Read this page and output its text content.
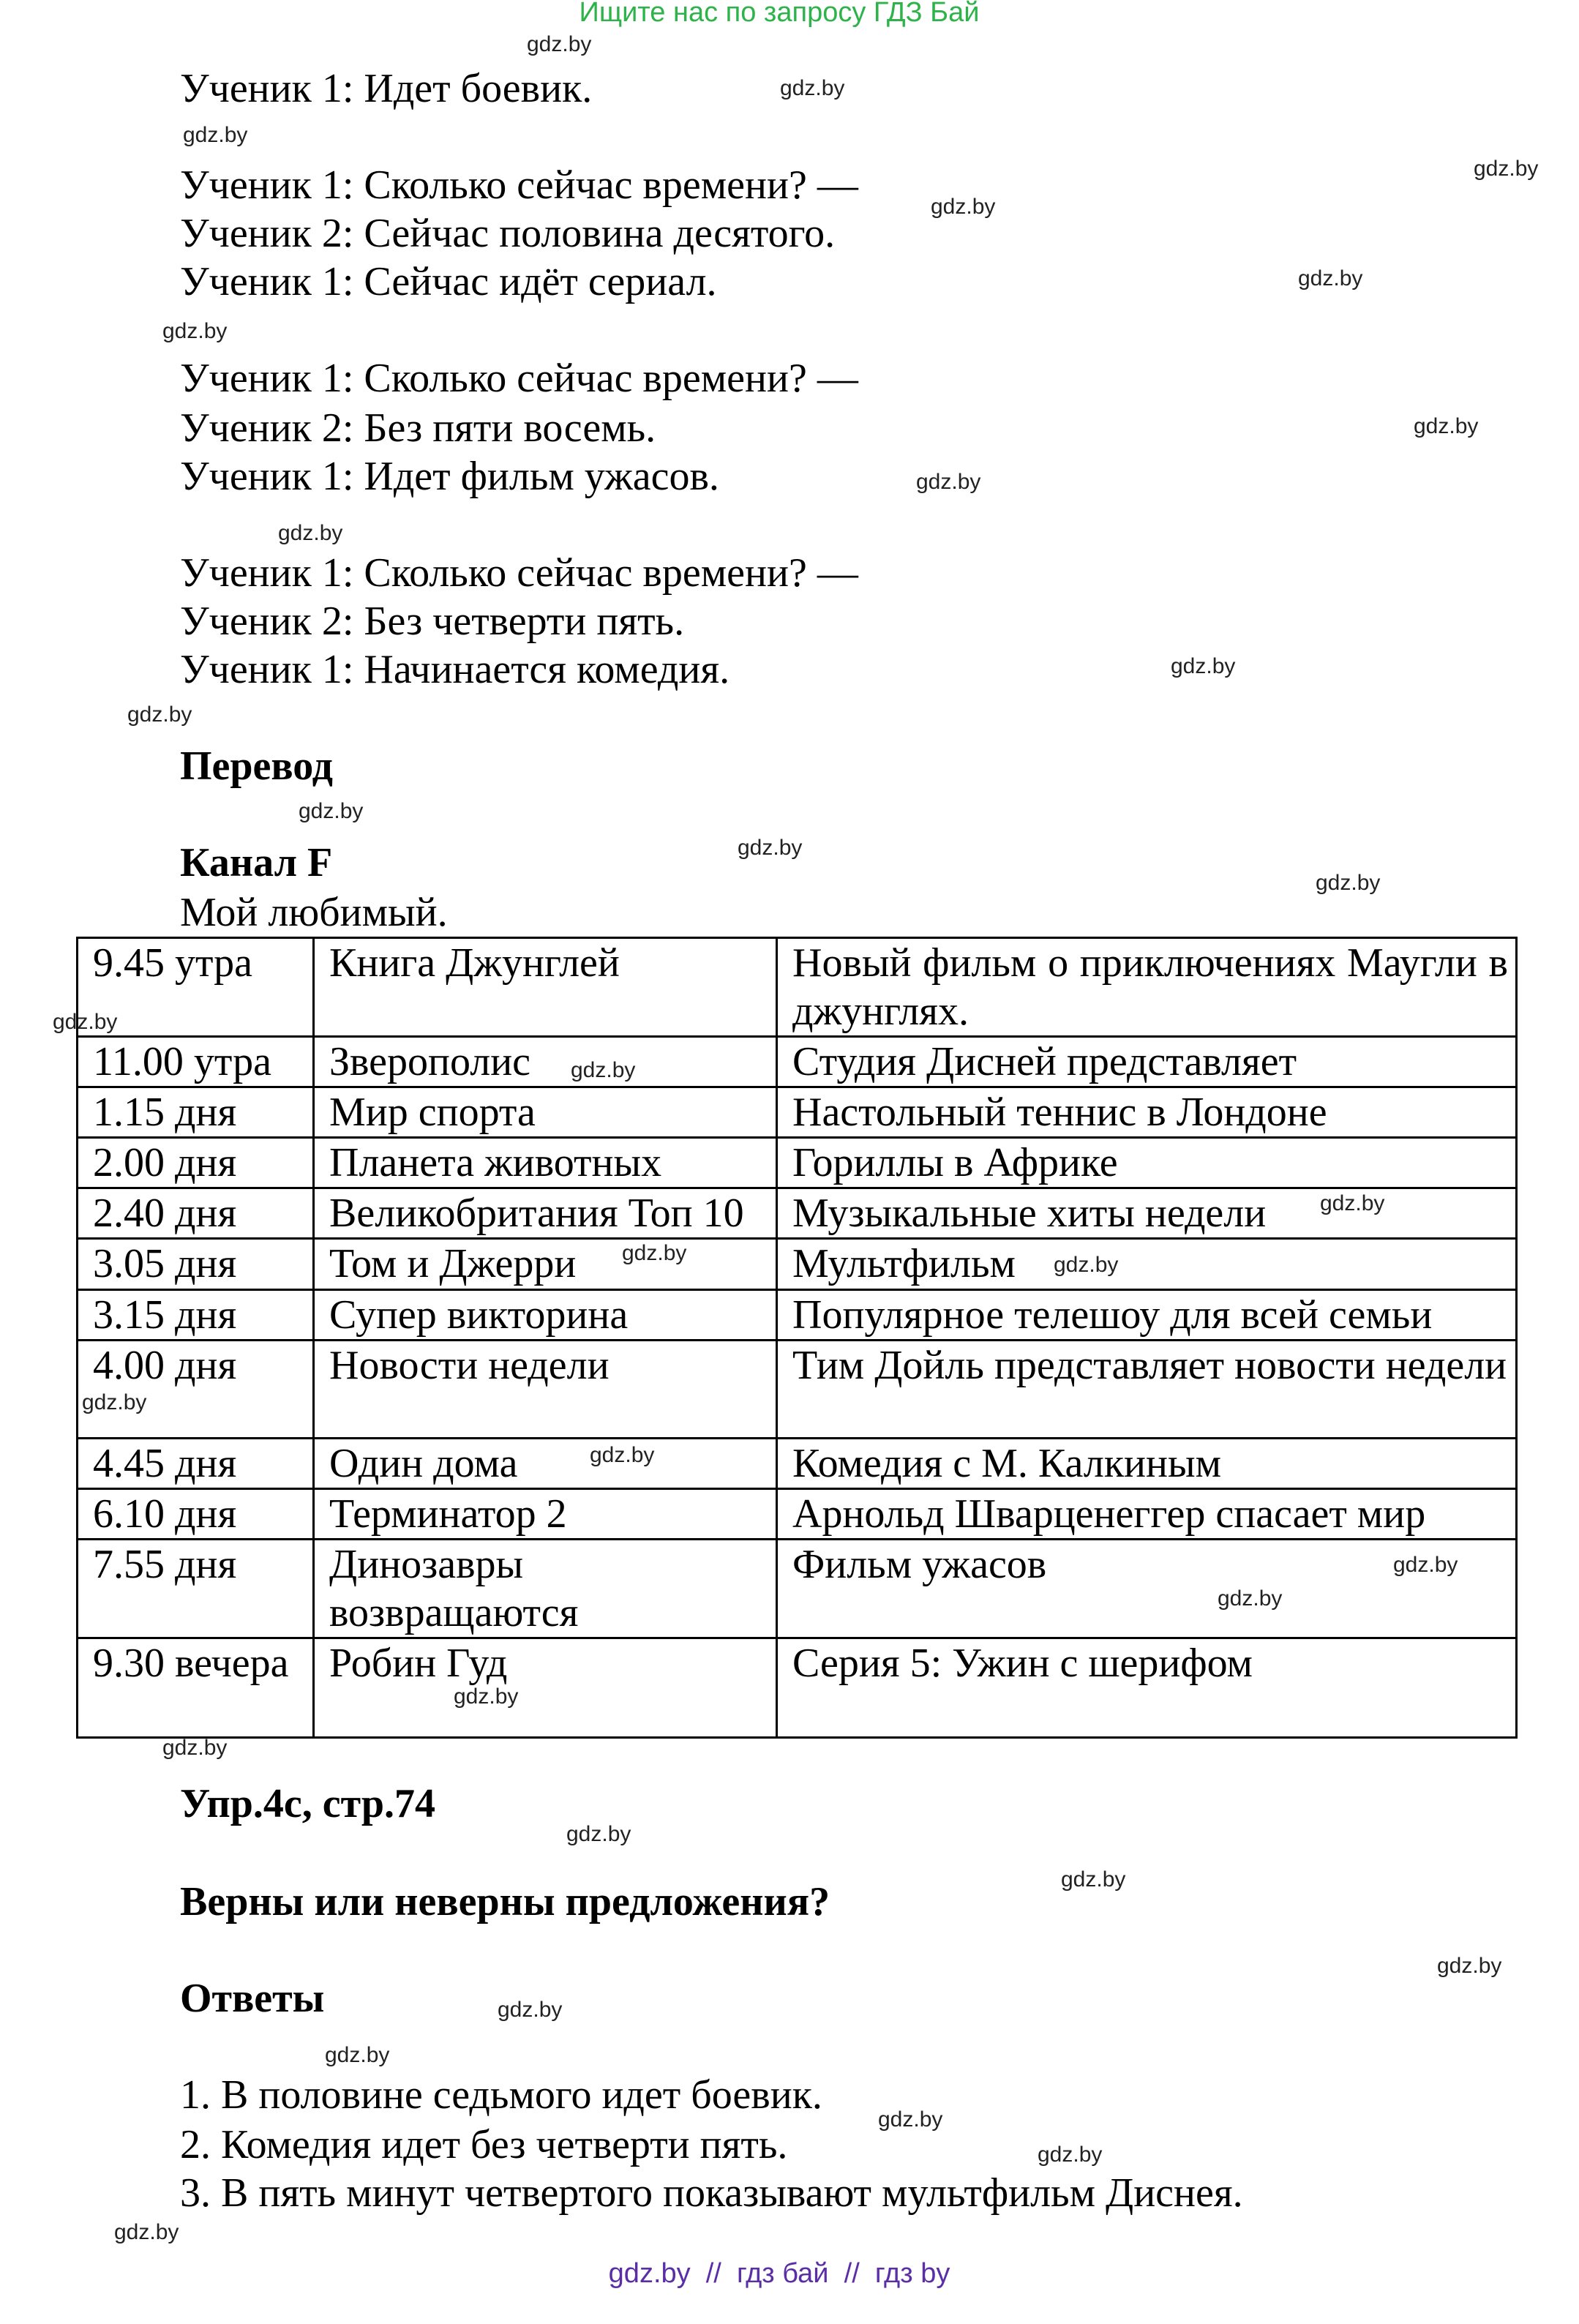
Ищите нас по запросу ГДЗ Бай
Ученик 1: Идет боевик.
Ученик 1: Сколько сейчас времени? —
Ученик 2: Сейчас половина десятого.
Ученик 1: Сейчас идёт сериал.
Ученик 1: Сколько сейчас времени? —
Ученик 2: Без пяти восемь.
Ученик 1: Идет фильм ужасов.
Ученик 1: Сколько сейчас времени? —
Ученик 2: Без четверти пять.
Ученик 1: Начинается комедия.
Перевод
Канал F
Мой любимый.
9.45 утра	Книга Джунглей	Новый фильм о приключениях Маугли в джунглях.
11.00 утра	Зверополис	Студия Дисней представляет
1.15 дня	Мир спорта	Настольный теннис в Лондоне
2.00 дня	Планета животных	Гориллы в Африке
2.40 дня	Великобритания Топ 10	Музыкальные хиты недели
3.05 дня	Том и Джерри	Мультфильм
3.15 дня	Супер викторина	Популярное телешоу для всей семьи
4.00 дня	Новости недели	Тим Дойль представляет новости недели
4.45 дня	Один дома	Комедия с М. Калкиным
6.10 дня	Терминатор 2	Арнольд Шварценеггер спасает мир
7.55 дня	Динозавры возвращаются	Фильм ужасов
9.30 вечера	Робин Гуд	Серия 5: Ужин с шерифом
Упр.4c, стр.74
Верны или неверны предложения?
Ответы
1. В половине седьмого идет боевик.
2. Комедия идет без четверти пять.
3. В пять минут четвертого показывают мультфильм Диснея.
gdz.by
gdz.by
gdz.by
gdz.by
gdz.by
gdz.by
gdz.by
gdz.by
gdz.by
gdz.by
gdz.by
gdz.by
gdz.by
gdz.by
gdz.by
gdz.by
gdz.by
gdz.by
gdz.by	gdz.by
gdz.by
gdz.by
gdz.by
gdz.by
gdz.by
gdz.by
gdz.by
gdz.by
gdz.by
gdz.by
gdz.by
gdz.by
gdz.by
gdz.by
gdz.by  //  гдз бай  //  гдз by
